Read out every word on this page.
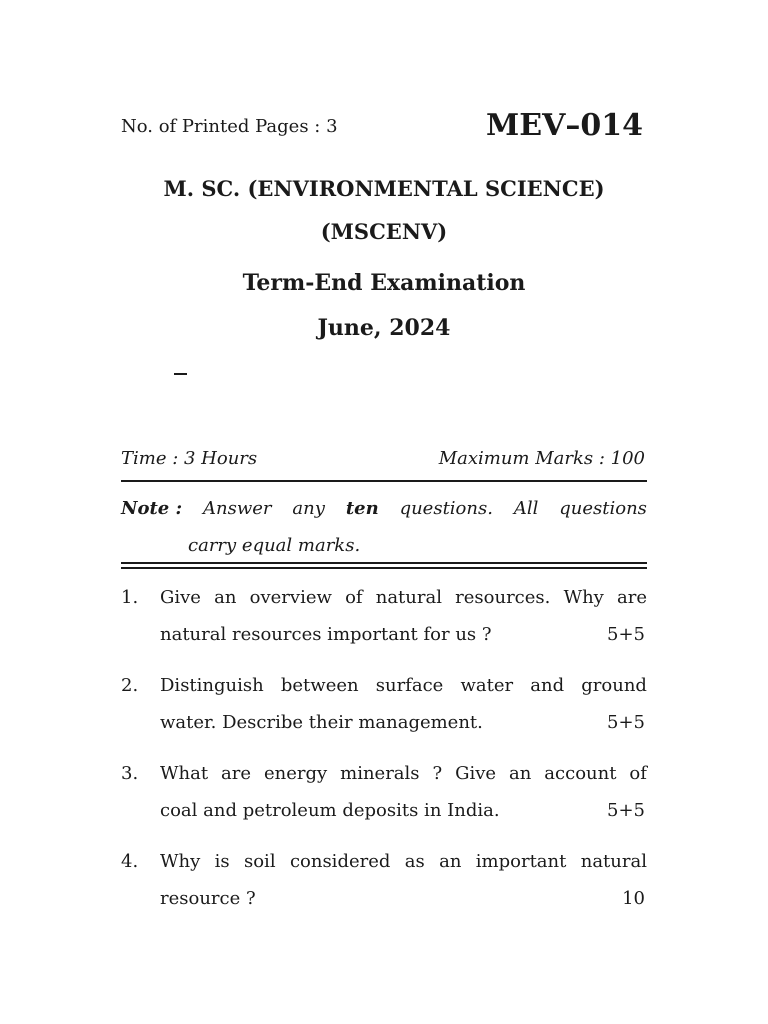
No. of Printed Pages : 3	MEV–014
M. SC. (ENVIRONMENTAL SCIENCE)
(MSCENV)
Term-End Examination
June, 2024
Time : 3 Hours	Maximum Marks : 100
Note : Answer any ten questions. All questions
carry equal marks.
1. Give an overview of natural resources. Why are
natural resources important for us ?	5+5
2. Distinguish between surface water and ground
water. Describe their management.	5+5
3. What are energy minerals ? Give an account of
coal and petroleum deposits in India.	5+5
4. Why is soil considered as an important natural
resource ?	10
